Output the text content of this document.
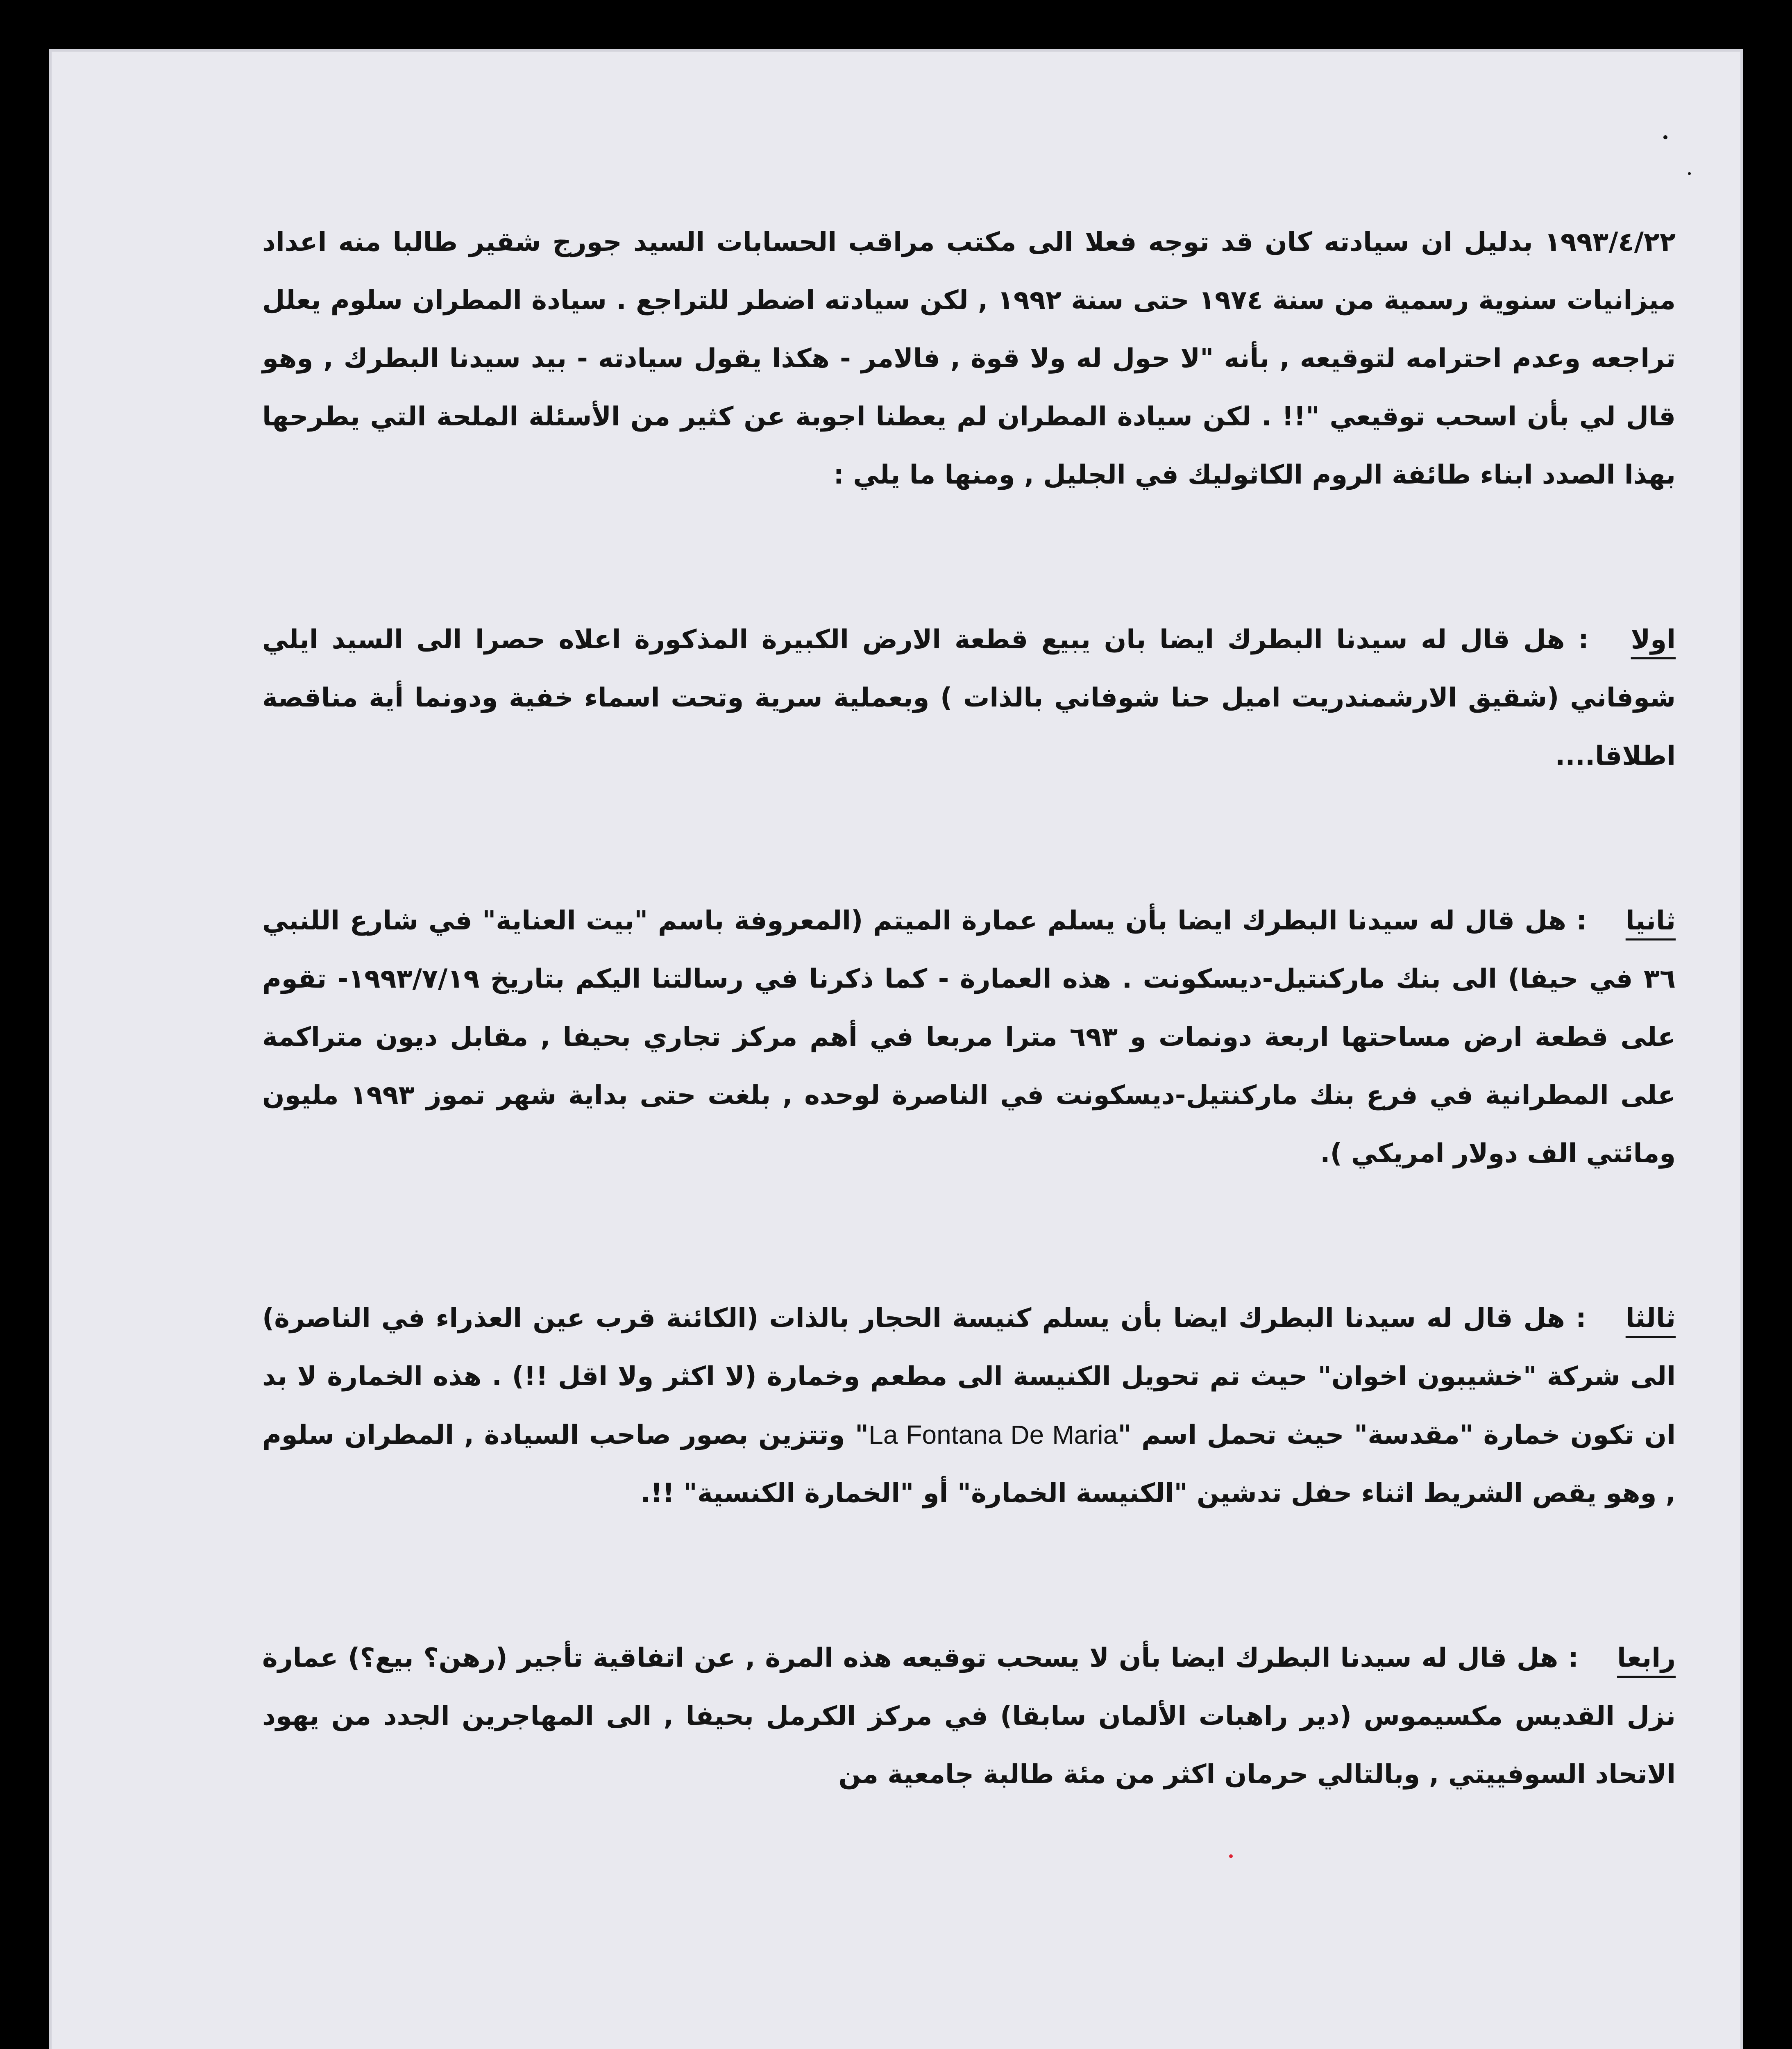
١٩٩٣/٤/٢٢ بدليل ان سيادته كان قد توجه فعلا الى مكتب مراقب الحسابات السيد جورج شقير طالبا منه اعداد ميزانيات سنوية رسمية من سنة ١٩٧٤ حتى سنة ١٩٩٢ , لكن سيادته اضطر للتراجع . سيادة المطران سلوم يعلل تراجعه وعدم احترامه لتوقيعه , بأنه "لا حول له ولا قوة , فالامر - هكذا يقول سيادته - بيد سيدنا البطرك , وهو قال لي بأن اسحب توقيعي "!! . لكن سيادة المطران لم يعطنا اجوبة عن كثير من الأسئلة الملحة التي يطرحها بهذا الصدد ابناء طائفة الروم الكاثوليك في الجليل , ومنها ما يلي :

اولا : هل قال له سيدنا البطرك ايضا بان يبيع قطعة الارض الكبيرة المذكورة اعلاه حصرا الى السيد ايلي شوفاني (شقيق الارشمندريت اميل حنا شوفاني بالذات ) وبعملية سرية وتحت اسماء خفية ودونما أية مناقصة اطلاقا....

ثانيا : هل قال له سيدنا البطرك ايضا بأن يسلم عمارة الميتم (المعروفة باسم "بيت العناية" في شارع اللنبي ٣٦ في حيفا) الى بنك ماركنتيل-ديسكونت . هذه العمارة - كما ذكرنا في رسالتنا اليكم بتاريخ ١٩٩٣/٧/١٩- تقوم على قطعة ارض مساحتها اربعة دونمات و ٦٩٣ مترا مربعا في أهم مركز تجاري بحيفا , مقابل ديون متراكمة على المطرانية في فرع بنك ماركنتيل-ديسكونت في الناصرة لوحده , بلغت حتى بداية شهر تموز ١٩٩٣ مليون ومائتي الف دولار امريكي ).

ثالثا : هل قال له سيدنا البطرك ايضا بأن يسلم كنيسة الحجار بالذات (الكائنة قرب عين العذراء في الناصرة) الى شركة "خشيبون اخوان" حيث تم تحويل الكنيسة الى مطعم وخمارة (لا اكثر ولا اقل !!) . هذه الخمارة لا بد ان تكون خمارة "مقدسة" حيث تحمل اسم "La Fontana De Maria" وتتزين بصور صاحب السيادة , المطران سلوم , وهو يقص الشريط اثناء حفل تدشين "الكنيسة الخمارة" أو "الخمارة الكنسية" !!.

رابعا : هل قال له سيدنا البطرك ايضا بأن لا يسحب توقيعه هذه المرة , عن اتفاقية تأجير (رهن؟ بيع؟) عمارة نزل القديس مكسيموس (دير راهبات الألمان سابقا) في مركز الكرمل بحيفا , الى المهاجرين الجدد من يهود الاتحاد السوفييتي , وبالتالي حرمان اكثر من مئة طالبة جامعية من
